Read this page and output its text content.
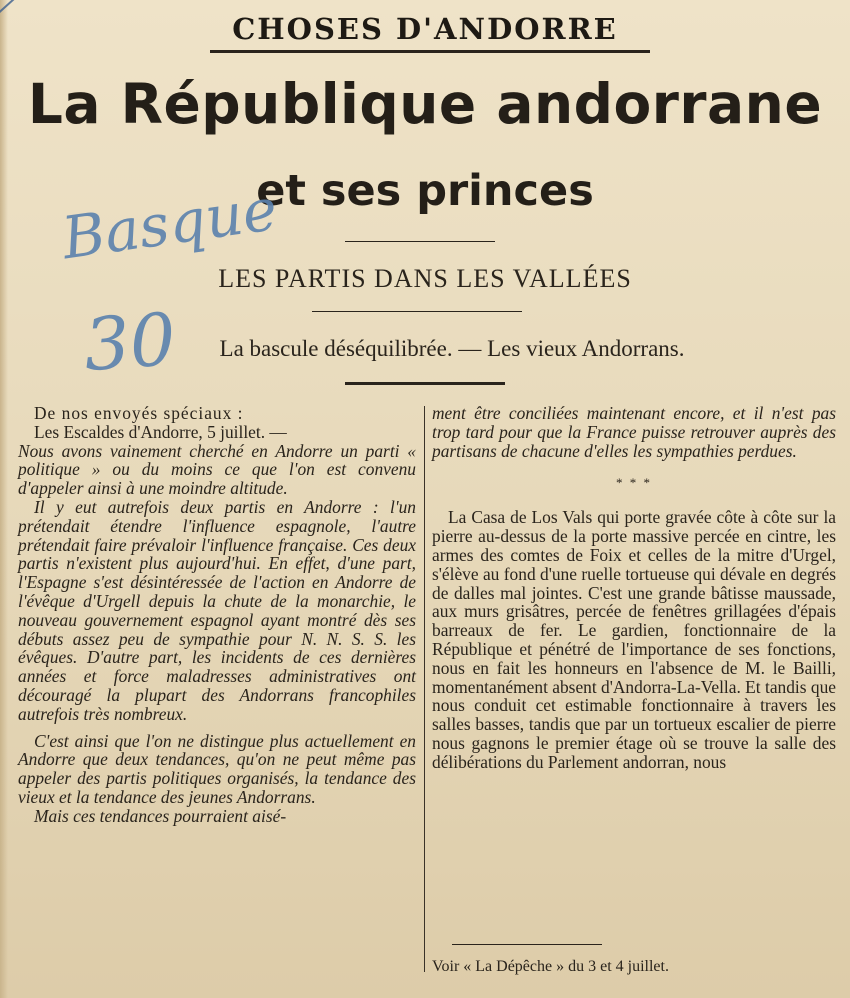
CHOSES D'ANDORRE
La République andorrane
et ses princes
LES PARTIS DANS LES VALLÉES
La bascule déséquilibrée. — Les vieux Andorrans.
Basque
30

De nos envoyés spéciaux :

Les Escaldes d'Andorre, 5 juillet. —

Nous avons vainement cherché en Andorre un parti « politique » ou du moins ce que l'on est convenu d'appeler ainsi à une moindre altitude.

Il y eut autrefois deux partis en Andorre : l'un prétendait étendre l'influence espagnole, l'autre prétendait faire prévaloir l'influence française. Ces deux partis n'existent plus aujourd'hui. En effet, d'une part, l'Espagne s'est désintéressée de l'action en Andorre de l'évêque d'Urgell depuis la chute de la monarchie, le nouveau gouvernement espagnol ayant montré dès ses débuts assez peu de sympathie pour N. N. S. S. les évêques. D'autre part, les incidents de ces dernières années et force maladresses administratives ont découragé la plupart des Andorrans francophiles autrefois très nombreux.

C'est ainsi que l'on ne distingue plus actuellement en Andorre que deux tendances, qu'on ne peut même pas appeler des partis politiques organisés, la tendance des vieux et la tendance des jeunes Andorrans.

Mais ces tendances pourraient aisé-

ment être conciliées maintenant encore, et il n'est pas trop tard pour que la France puisse retrouver auprès des partisans de chacune d'elles les sympathies perdues.

* * *

La Casa de Los Vals qui porte gravée côte à côte sur la pierre au-dessus de la porte massive percée en cintre, les armes des comtes de Foix et celles de la mitre d'Urgel, s'élève au fond d'une ruelle tortueuse qui dévale en degrés de dalles mal jointes. C'est une grande bâtisse maussade, aux murs grisâtres, percée de fenêtres grillagées d'épais barreaux de fer. Le gardien, fonctionnaire de la République et pénétré de l'importance de ses fonctions, nous en fait les honneurs en l'absence de M. le Bailli, momentanément absent d'Andorra-La-Vella. Et tandis que nous conduit cet estimable fonctionnaire à travers les salles basses, tandis que par un tortueux escalier de pierre nous gagnons le premier étage où se trouve la salle des délibérations du Parlement andorran, nous

Voir « La Dépêche » du 3 et 4 juillet.
